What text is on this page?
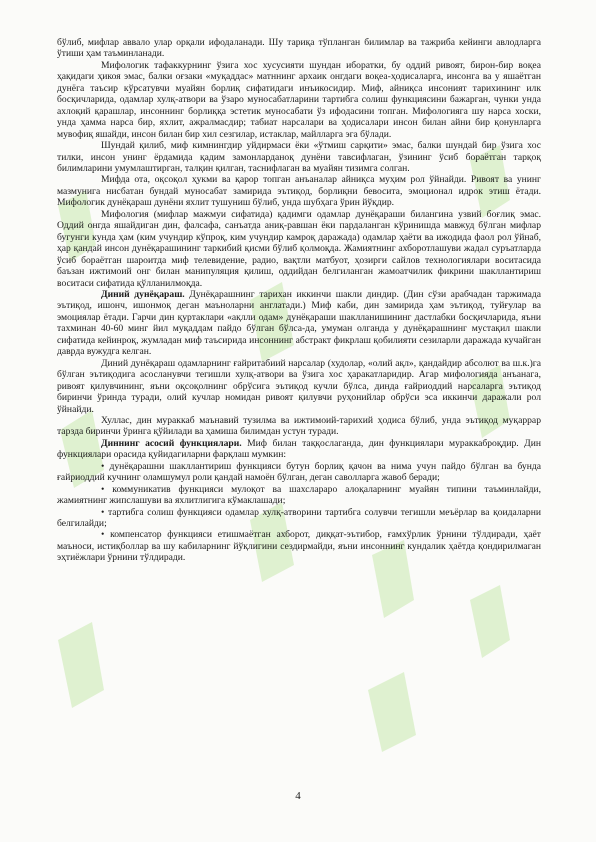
бўлиб, мифлар аввало улар орқали ифодаланади. Шу тариқа тўпланган билимлар ва тажриба кейинги авлодларга ўтиши ҳам таъминланади.

Мифологик тафаккурнинг ўзига хос хусусияти шундан иборатки, бу оддий ривоят, бирон-бир воқеа ҳақидаги ҳикоя эмас, балки оғзаки «муқаддас» матннинг архаик онгдаги воқеа-ҳодисаларга, инсонга ва у яшаётган дунёга таъсир кўрсатувчи муайян борлиқ сифатидаги инъикосидир. Миф, айниқса инсоният тарихининг илк босқичларида, одамлар хулқ-атвори ва ўзаро муносабатларини тартибга солиш функциясини бажарган, чунки унда ахлоқий қарашлар, инсоннинг борлиққа эстетик муносабати ўз ифодасини топган. Мифологияга шу нарса хоски, унда ҳамма нарса бир, яхлит, ажралмасдир; табиат нарсалари ва ҳодисалари инсон билан айни бир қонунларга мувофиқ яшайди, инсон билан бир хил сезгилар, истаклар, майлларга эга бўлади.

Шундай қилиб, миф кимнингдир уйдирмаси ёки «ўтмиш сарқити» эмас, балки шундай бир ўзига хос тилки, инсон унинг ёрдамида қадим замонларданоқ дунёни тавсифлаган, ўзининг ўсиб бораётган тарқоқ билимларини умумлаштирган, талқин қилган, таснифлаган ва муайян тизимга солган.

Мифда ота, оқсоқол ҳукми ва қарор топган анъаналар айниқса муҳим рол ўйнайди. Ривоят ва унинг мазмунига нисбатан бундай муносабат замирида эътиқод, борлиқни бевосита, эмоционал идрок этиш ётади. Мифологик дунёқараш дунёни яхлит тушуниш бўлиб, унда шубҳага ўрин йўқдир.

Мифология (мифлар мажмуи сифатида) қадимги одамлар дунёқараши билангина узвий боғлиқ эмас. Оддий онгда яшайдиган дин, фалсафа, санъатда аниқ-равшан ёки пардаланган кўринишда мавжуд бўлган мифлар бугунги кунда ҳам (ким учундир кўпроқ, ким учундир камроқ даражада) одамлар ҳаёти ва ижодида фаол рол ўйнаб, ҳар қандай инсон дунёқарашининг таркибий қисми бўлиб қолмоқда. Жамиятнинг ахборотлашуви жадал суръатларда ўсиб бораётган шароитда миф телевидение, радио, вақтли матбуот, ҳозирги сайлов технологиялари воситасида баъзан ижтимоий онг билан манипуляция қилиш, оддийдан белгиланган жамоатчилик фикрини шакллантириш воситаси сифатида қўлланилмоқда.

Диний дунёқараш. Дунёқарашнинг тарихан иккинчи шакли диндир. (Дин сўзи арабчадан таржимада эътиқод, ишонч, ишонмоқ деган маъноларни англатади.) Миф каби, дин замирида ҳам эътиқод, туйғулар ва эмоциялар ётади. Гарчи дин қуртаклари «ақлли одам» дунёқараши шаклланишининг дастлабки босқичларида, яъни тахминан 40-60 минг йил муқаддам пайдо бўлган бўлса-да, умуман олганда у дунёқарашнинг мустақил шакли сифатида кейинроқ, жумладан миф таъсирида инсоннинг абстракт фикрлаш қобилияти сезиларли даражада кучайган даврда вужудга келган.

Диний дунёқараш одамларнинг ғайритабиий нарсалар (худолар, «олий ақл», қандайдир абсолют ва ш.к.)га бўлган эътиқодига асосланувчи тегишли хулқ-атвори ва ўзига хос ҳаракатларидир. Агар мифологияда анъанага, ривоят қилувчининг, яъни оқсоқолнинг обрўсига эътиқод кучли бўлса, динда ғайриоддий нарсаларга эътиқод биринчи ўринда туради, олий кучлар номидан ривоят қилувчи руҳонийлар обрўси эса иккинчи даражали рол ўйнайди.

Хуллас, дин мураккаб маънавий тузилма ва ижтимоий-тарихий ҳодиса бўлиб, унда эътиқод муқаррар тарзда биринчи ўринга қўйилади ва ҳамиша билимдан устун туради.

Диннинг асосий функциялари. Миф билан таққослаганда, дин функциялари мураккаброқдир. Дин функциялари орасида қуйидагиларни фарқлаш мумкин:

• дунёқарашни шакллантириш функцияси бутун борлиқ қачон ва нима учун пайдо бўлган ва бунда ғайриоддий кучнинг оламшумул роли қандай намоён бўлган, деган саволларга жавоб беради;

• коммуникатив функцияси мулоқот ва шахсларaро алоқаларнинг муайян типини таъминлайди, жамиятнинг жипслашуви ва яхлитлигига кўмаклашади;

• тартибга солиш функцияси одамлар хулқ-атворини тартибга солувчи тегишли меъёрлар ва қоидаларни белгилайди;

• компенсатор функцияси етишмаётган ахборот, диққат-эътибор, ғамхўрлик ўрнини тўлдиради, ҳаёт маъноси, истиқболлар ва шу кабиларнинг йўқлигини сездирмайди, яъни инсоннинг кундалик ҳаётда қондирилмаган эҳтиёжлари ўрнини тўлдиради.

4
